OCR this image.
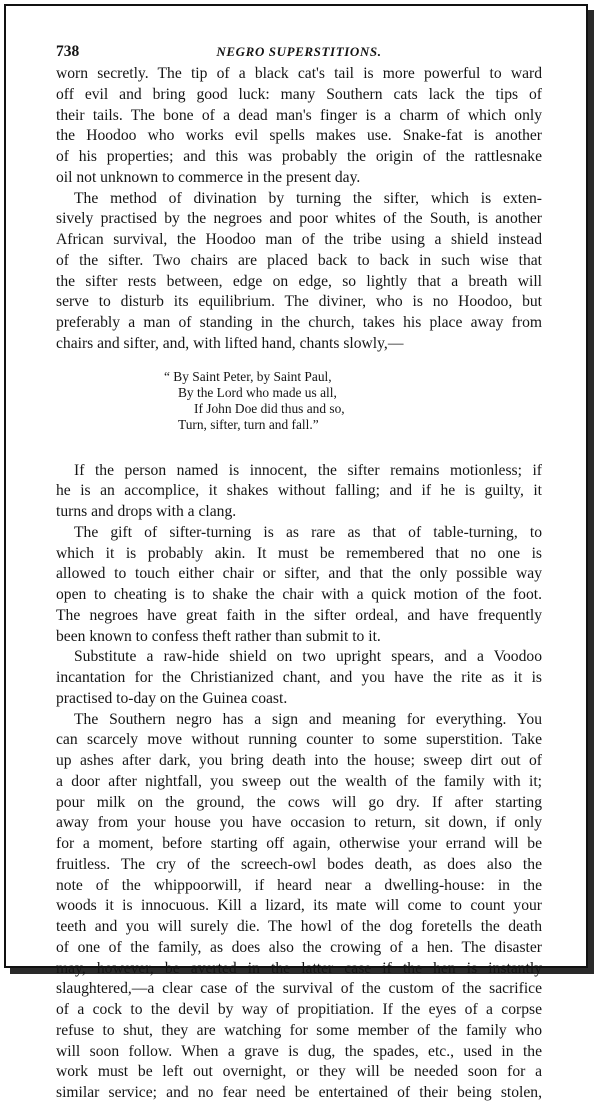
738	NEGRO SUPERSTITIONS.
worn secretly. The tip of a black cat's tail is more powerful to ward
off evil and bring good luck: many Southern cats lack the tips of
their tails. The bone of a dead man's finger is a charm of which only
the Hoodoo who works evil spells makes use. Snake-fat is another
of his properties; and this was probably the origin of the rattlesnake
oil not unknown to commerce in the present day.
The method of divination by turning the sifter, which is exten-
sively practised by the negroes and poor whites of the South, is another
African survival, the Hoodoo man of the tribe using a shield instead
of the sifter. Two chairs are placed back to back in such wise that
the sifter rests between, edge on edge, so lightly that a breath will
serve to disturb its equilibrium. The diviner, who is no Hoodoo, but
preferably a man of standing in the church, takes his place away from
chairs and sifter, and, with lifted hand, chants slowly,—
“ By Saint Peter, by Saint Paul,
By the Lord who made us all,
If John Doe did thus and so,
Turn, sifter, turn and fall.”
If the person named is innocent, the sifter remains motionless; if
he is an accomplice, it shakes without falling; and if he is guilty, it
turns and drops with a clang.
The gift of sifter-turning is as rare as that of table-turning, to
which it is probably akin. It must be remembered that no one is
allowed to touch either chair or sifter, and that the only possible way
open to cheating is to shake the chair with a quick motion of the foot.
The negroes have great faith in the sifter ordeal, and have frequently
been known to confess theft rather than submit to it.
Substitute a raw-hide shield on two upright spears, and a Voodoo
incantation for the Christianized chant, and you have the rite as it is
practised to-day on the Guinea coast.
The Southern negro has a sign and meaning for everything. You
can scarcely move without running counter to some superstition. Take
up ashes after dark, you bring death into the house; sweep dirt out of
a door after nightfall, you sweep out the wealth of the family with it;
pour milk on the ground, the cows will go dry. If after starting
away from your house you have occasion to return, sit down, if only
for a moment, before starting off again, otherwise your errand will be
fruitless. The cry of the screech-owl bodes death, as does also the
note of the whippoorwill, if heard near a dwelling-house: in the
woods it is innocuous. Kill a lizard, its mate will come to count your
teeth and you will surely die. The howl of the dog foretells the death
of one of the family, as does also the crowing of a hen. The disaster
may, however, be averted in the latter case if the hen is instantly
slaughtered,—a clear case of the survival of the custom of the sacrifice
of a cock to the devil by way of propitiation. If the eyes of a corpse
refuse to shut, they are watching for some member of the family who
will soon follow. When a grave is dug, the spades, etc., used in the
work must be left out overnight, or they will be needed soon for a
similar service; and no fear need be entertained of their being stolen,
